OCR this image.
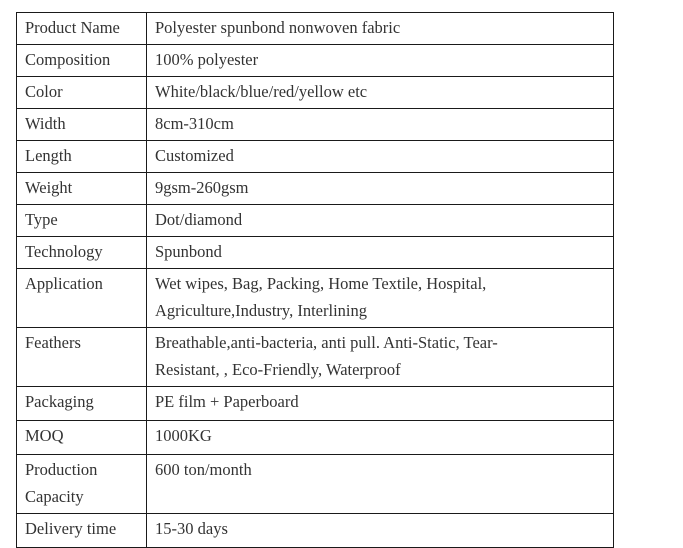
Product Name	Polyester spunbond nonwoven fabric
Composition	100% polyester
Color	White/black/blue/red/yellow etc
Width	8cm-310cm
Length	Customized
Weight	9gsm-260gsm
Type	Dot/diamond
Technology	Spunbond
Application	Wet wipes, Bag, Packing, Home Textile, Hospital,
Agriculture,Industry, Interlining
Feathers	Breathable,anti-bacteria, anti pull. Anti-Static, Tear-
Resistant, , Eco-Friendly, Waterproof
Packaging	PE film + Paperboard
MOQ	1000KG
Production
Capacity	600 ton/month
Delivery time	15-30 days
